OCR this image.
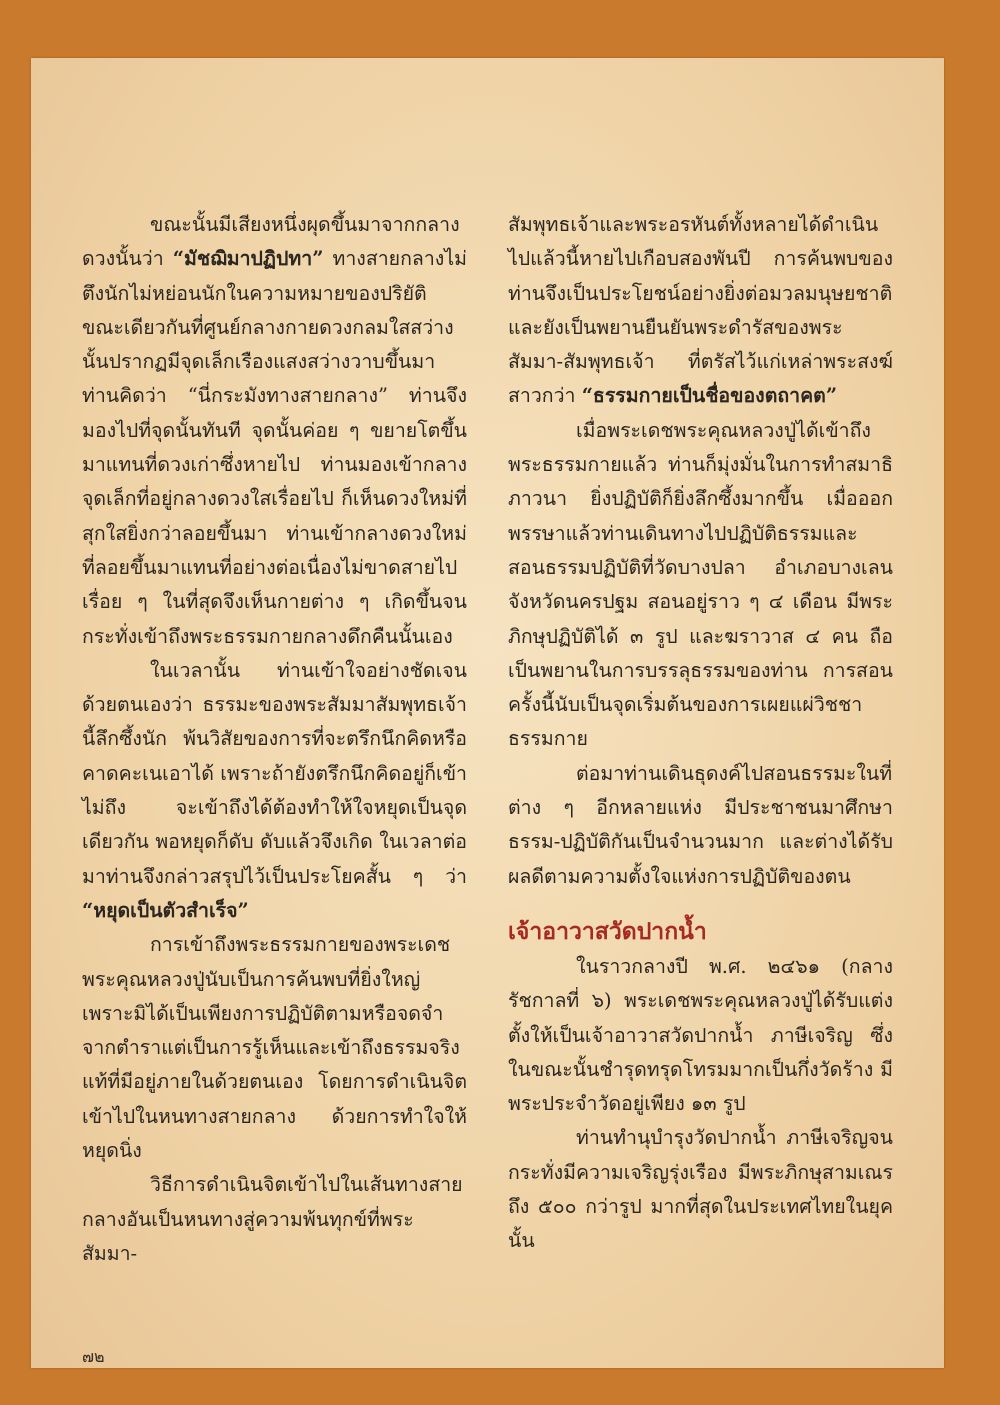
ขณะนั้นมีเสียงหนึ่งผุดขึ้นมาจากกลางดวงนั้นว่า “มัชฌิมาปฏิปทา” ทางสายกลางไม่ตึงนักไม่หย่อนนักในความหมายของปริยัติ ขณะเดียวกันที่ศูนย์กลางกายดวงกลมใสสว่างนั้นปรากฏมีจุดเล็กเรืองแสงสว่างวาบขึ้นมา ท่านคิดว่า “นี่กระมังทางสายกลาง” ท่านจึงมองไปที่จุดนั้นทันที จุดนั้นค่อย ๆ ขยายโตขึ้นมาแทนที่ดวงเก่าซึ่งหายไป ท่านมองเข้ากลางจุดเล็กที่อยู่กลางดวงใสเรื่อยไป ก็เห็นดวงใหม่ที่สุกใสยิ่งกว่าลอยขึ้นมา ท่านเข้ากลางดวงใหม่ที่ลอยขึ้นมาแทนที่อย่างต่อเนื่องไม่ขาดสายไปเรื่อย ๆ ในที่สุดจึงเห็นกายต่าง ๆ เกิดขึ้นจนกระทั่งเข้าถึงพระธรรมกายกลางดึกคืนนั้นเอง

ในเวลานั้น ท่านเข้าใจอย่างชัดเจนด้วยตนเองว่า ธรรมะของพระสัมมาสัมพุทธเจ้านี้ลึกซึ้งนัก พ้นวิสัยของการที่จะตรึกนึกคิดหรือคาดคะเนเอาได้ เพราะถ้ายังตรึกนึกคิดอยู่ก็เข้าไม่ถึง จะเข้าถึงได้ต้องทำให้ใจหยุดเป็นจุดเดียวกัน พอหยุดก็ดับ ดับแล้วจึงเกิด ในเวลาต่อมาท่านจึงกล่าวสรุปไว้เป็นประโยคสั้น ๆ ว่า “หยุดเป็นตัวสำเร็จ”

การเข้าถึงพระธรรมกายของพระเดชพระคุณหลวงปู่นับเป็นการค้นพบที่ยิ่งใหญ่ เพราะมิได้เป็นเพียงการปฏิบัติตามหรือจดจำจากตำราแต่เป็นการรู้เห็นและเข้าถึงธรรมจริงแท้ที่มีอยู่ภายในด้วยตนเอง โดยการดำเนินจิตเข้าไปในหนทางสายกลาง ด้วยการทำใจให้หยุดนิ่ง

วิธีการดำเนินจิตเข้าไปในเส้นทางสายกลางอันเป็นหนทางสู่ความพ้นทุกข์ที่พระสัมมา-

สัมพุทธเจ้าและพระอรหันต์ทั้งหลายได้ดำเนินไปแล้วนี้หายไปเกือบสองพันปี การค้นพบของท่านจึงเป็นประโยชน์อย่างยิ่งต่อมวลมนุษยชาติ และยังเป็นพยานยืนยันพระดำรัสของพระสัมมา-สัมพุทธเจ้า ที่ตรัสไว้แก่เหล่าพระสงฆ์สาวกว่า “ธรรมกายเป็นชื่อของตถาคต”

เมื่อพระเดชพระคุณหลวงปู่ได้เข้าถึงพระธรรมกายแล้ว ท่านก็มุ่งมั่นในการทำสมาธิภาวนา ยิ่งปฏิบัติก็ยิ่งลึกซึ้งมากขึ้น เมื่อออกพรรษาแล้วท่านเดินทางไปปฏิบัติธรรมและสอนธรรมปฏิบัติที่วัดบางปลา อำเภอบางเลน จังหวัดนครปฐม สอนอยู่ราว ๆ ๔ เดือน มีพระภิกษุปฏิบัติได้ ๓ รูป และฆราวาส ๔ คน ถือเป็นพยานในการบรรลุธรรมของท่าน การสอนครั้งนี้นับเป็นจุดเริ่มต้นของการเผยแผ่วิชชาธรรมกาย

ต่อมาท่านเดินธุดงค์ไปสอนธรรมะในที่ต่าง ๆ อีกหลายแห่ง มีประชาชนมาศึกษาธรรม-ปฏิบัติกันเป็นจำนวนมาก และต่างได้รับผลดีตามความตั้งใจแห่งการปฏิบัติของตน

เจ้าอาวาสวัดปากน้ำ

ในราวกลางปี พ.ศ. ๒๔๖๑ (กลางรัชกาลที่ ๖) พระเดชพระคุณหลวงปู่ได้รับแต่งตั้งให้เป็นเจ้าอาวาสวัดปากน้ำ ภาษีเจริญ ซึ่งในขณะนั้นชำรุดทรุดโทรมมากเป็นกึ่งวัดร้าง มีพระประจำวัดอยู่เพียง ๑๓ รูป

ท่านทำนุบำรุงวัดปากน้ำ ภาษีเจริญจนกระทั่งมีความเจริญรุ่งเรือง มีพระภิกษุสามเณรถึง ๕๐๐ กว่ารูป มากที่สุดในประเทศไทยในยุคนั้น

๗๒
